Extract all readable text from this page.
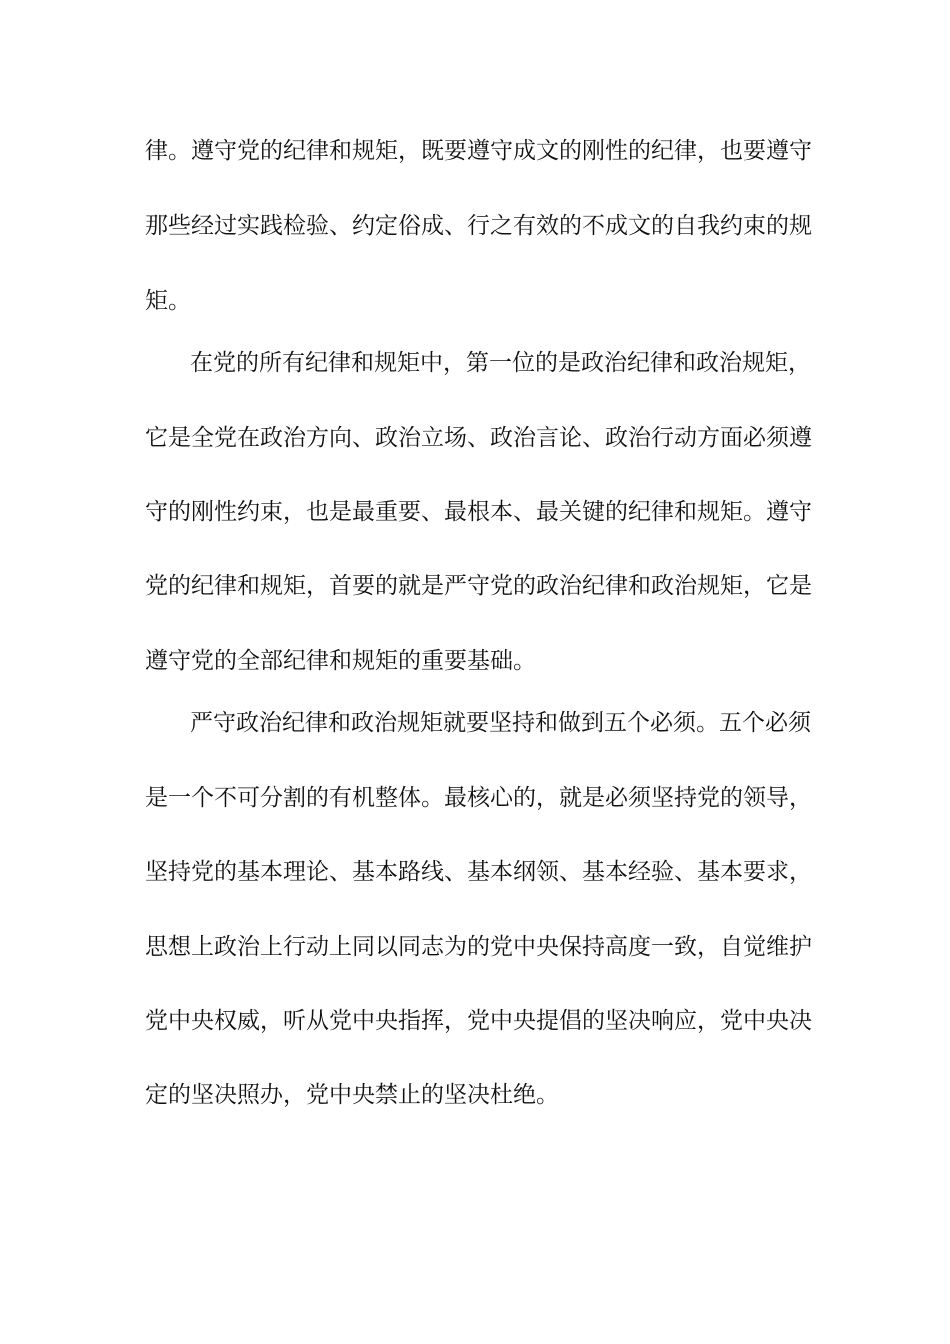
律。遵守党的纪律和规矩，既要遵守成文的刚性的纪律，也要遵守
那些经过实践检验、约定俗成、行之有效的不成文的自我约束的规
矩。
在党的所有纪律和规矩中，第一位的是政治纪律和政治规矩，
它是全党在政治方向、政治立场、政治言论、政治行动方面必须遵
守的刚性约束，也是最重要、最根本、最关键的纪律和规矩。遵守
党的纪律和规矩，首要的就是严守党的政治纪律和政治规矩，它是
遵守党的全部纪律和规矩的重要基础。
严守政治纪律和政治规矩就要坚持和做到五个必须。五个必须
是一个不可分割的有机整体。最核心的，就是必须坚持党的领导，
坚持党的基本理论、基本路线、基本纲领、基本经验、基本要求，
思想上政治上行动上同以同志为的党中央保持高度一致，自觉维护
党中央权威，听从党中央指挥，党中央提倡的坚决响应，党中央决
定的坚决照办，党中央禁止的坚决杜绝。
